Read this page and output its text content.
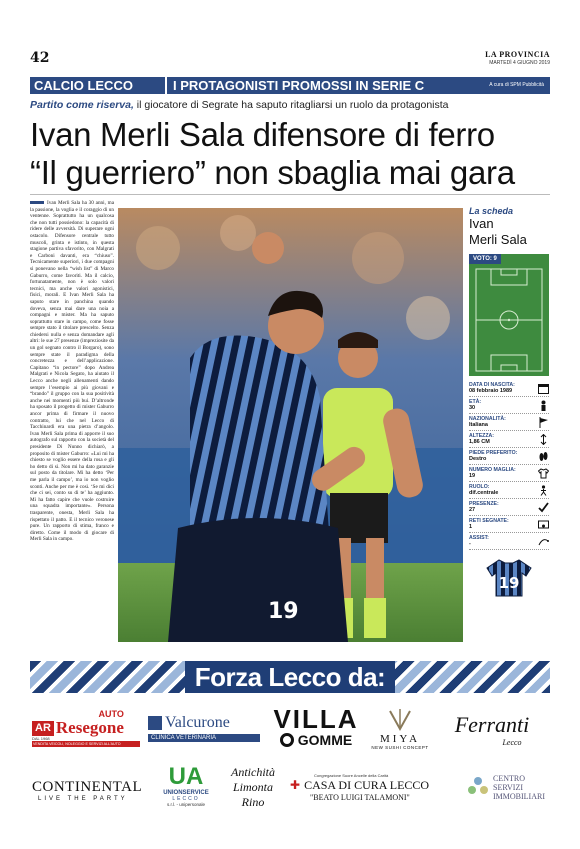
42	LA PROVINCIA
MARTEDÌ 4 GIUGNO 2019
CALCIO LECCO	I PROTAGONISTI PROMOSSI IN SERIE C	A cura di SPM Pubblicità
Partito come riserva, il giocatore di Segrate ha saputo ritagliarsi un ruolo da protagonista
Ivan Merli Sala difensore di ferro
“Il guerriero” non sbaglia mai gara
Ivan Merli Sala ha 30 anni, ma la passione, la voglia e il coraggio di un ventenne. Soprattutto ha un qualcosa che non tutti possiedono: la capacità di ridere delle avversità. Di superare ogni ostacolo. Difensore centrale tutto muscoli, grinta e istinto, in questa stagione partiva sfavorito, con Malgrati e Carboni davanti, era “chiuso”. Tecnicamente superiori, i due compagni si ponevano nella “wish list” di Marco Gaburro, come favoriti. Ma il calcio, fortunatamente, non è solo valori tecnici, ma anche valori agonistici, fisici, morali. E Ivan Merli Sala ha saputo stare in panchina quando doveva, senza mai dare una noia a compagni e mister. Ma ha saputo soprattutto stare in campo, come fosse sempre stato il titolare prescelto. Senza chiedersi nulla e senza domandare agli altri: le sue 27 presenze (impreziosite da un gol segnato contro il Borgaro), sono sempre state il paradigma della concretezza e dell’applicazione. Capitano “in pectore” dopo Andrea Malgrati e Nicola Segato, ha aiutato il Lecco anche negli allenamenti dando sempre l’esempio ai più giovani e “brando” il gruppo con la sua positività anche nei momenti più bui. D’altronde ha sposato il progetto di mister Gaburro ancor prima di firmare il nuovo contratto, lui che nel Lecco di Tacchinardi era una pietra d’angolo. Ivan Merli Sala prima di apporre il suo autografo sul rapporto con la società del presidente Di Nunno dichiarò, a proposito di mister Gaburro: «Lui mi ha chiesto se voglio essere della rosa e gli ho detto di sì. Non mi ha dato garanzie sul posto da titolare. Mi ha detto ‘Per me parla il campo’, ma io non voglio sconti. Anche per me è così. ‘Se mi dici che ci sei, conto su di te’ ha aggiunto. Mi ha fatto capire che vuole costruire una squadra importante». Persona trasparente, onesta, Merli Sala ha rispettato il patto. E il tecnico veronese pure. Un rapporto di stima, franco e diretto. Come il modo di giocare di Merli Sala in campo.
19
La scheda
Ivan
Merli Sala
VOTO: 9
DATA DI NASCITA:
08 febbraio 1989
ETÀ:
30
NAZIONALITÀ:
Italiana
ALTEZZA:
1,86 CM
PIEDE PREFERITO:
Destro
NUMERO MAGLIA:
19
RUOLO:
dif.centrale
PRESENZE:
27
RETI SEGNATE:
1
ASSIST:
-
19
Forza Lecco da:
AR
AUTO
Resegone
DAL 1968
VENDITA VEICOLI, NOLEGGIO E SERVIZI ALL'AUTO
Valcurone
CLINICA VETERINARIA
VILLA
GOMME	MIYA
NEW SUSHI CONCEPT
Ferranti
Lecco
CONTINENTAL
LIVE THE PARTY
UA
UNIONSERVICE
LECCO
s.r.l. - unipersonale
Antichità
Limonta
Rino
Congregazione Suore Ancelle della Carità
✚ CASA DI CURA LECCO
"BEATO LUIGI TALAMONI"
CENTRO
SERVIZI
IMMOBILIARI
